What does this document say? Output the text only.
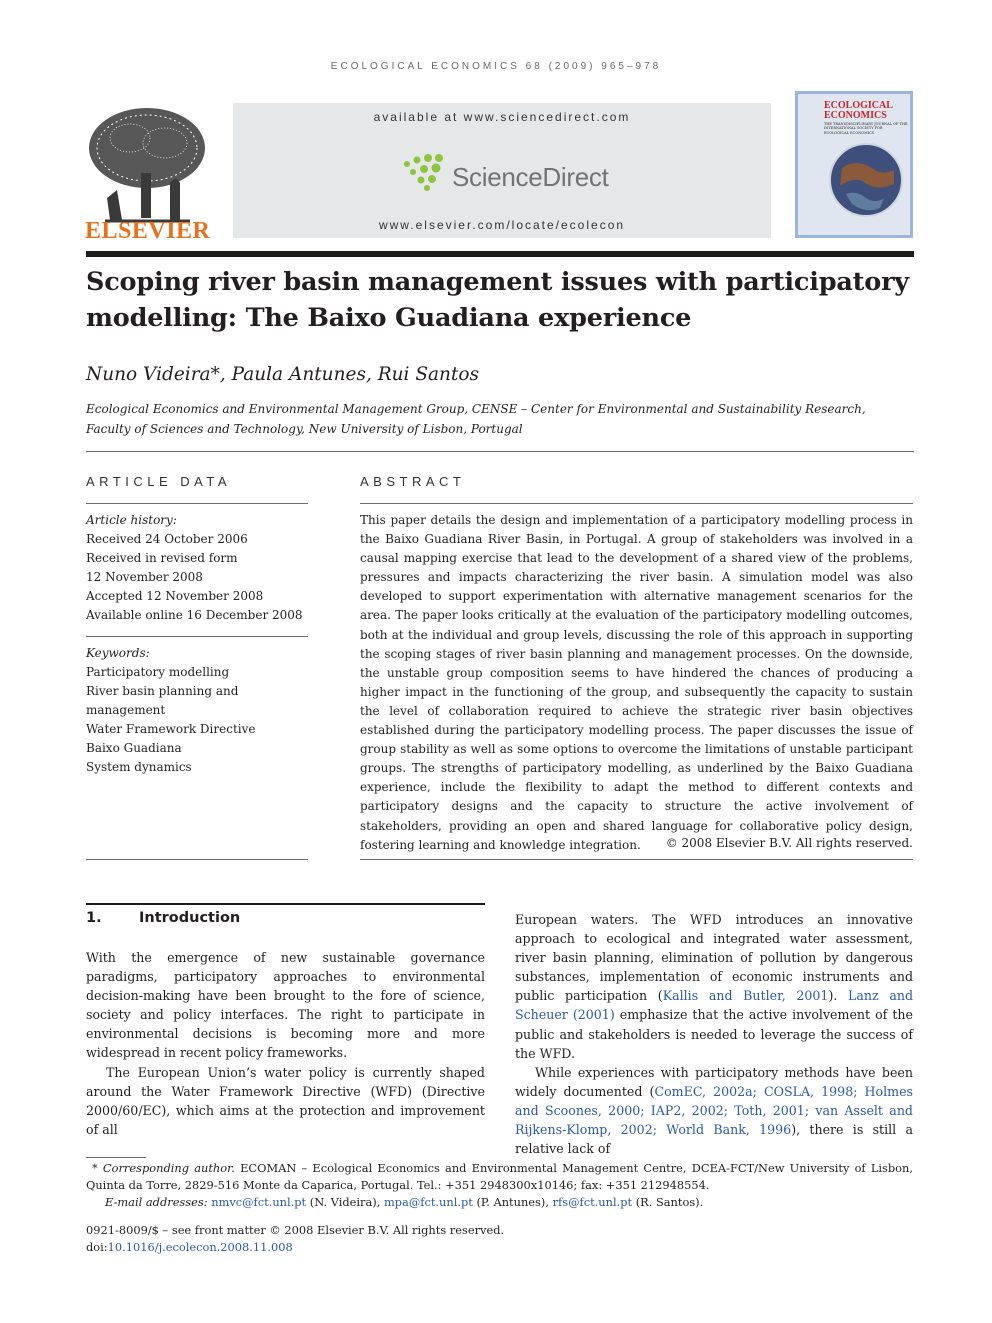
ECOLOGICAL ECONOMICS 68 (2009) 965–978
ELSEVIER
available at www.sciencedirect.com
ScienceDirect
www.elsevier.com/locate/ecolecon
ECOLOGICAL ECONOMICS
THE TRANSDISCIPLINARY JOURNAL OF THE INTERNATIONAL SOCIETY FOR ECOLOGICAL ECONOMICS
Scoping river basin management issues with participatory
modelling: The Baixo Guadiana experience
Nuno Videira*, Paula Antunes, Rui Santos
Ecological Economics and Environmental Management Group, CENSE – Center for Environmental and Sustainability Research,
Faculty of Sciences and Technology, New University of Lisbon, Portugal
ARTICLE DATA
Article history:
Received 24 October 2006
Received in revised form
12 November 2008
Accepted 12 November 2008
Available online 16 December 2008
Keywords:
Participatory modelling
River basin planning and
management
Water Framework Directive
Baixo Guadiana
System dynamics
ABSTRACT
This paper details the design and implementation of a participatory modelling process in the Baixo Guadiana River Basin, in Portugal. A group of stakeholders was involved in a causal mapping exercise that lead to the development of a shared view of the problems, pressures and impacts characterizing the river basin. A simulation model was also developed to support experimentation with alternative management scenarios for the area. The paper looks critically at the evaluation of the participatory modelling outcomes, both at the individual and group levels, discussing the role of this approach in supporting the scoping stages of river basin planning and management processes. On the downside, the unstable group composition seems to have hindered the chances of producing a higher impact in the functioning of the group, and subsequently the capacity to sustain the level of collaboration required to achieve the strategic river basin objectives established during the participatory modelling process. The paper discusses the issue of group stability as well as some options to overcome the limitations of unstable participant groups. The strengths of participatory modelling, as underlined by the Baixo Guadiana experience, include the flexibility to adapt the method to different contexts and participatory designs and the capacity to structure the active involvement of stakeholders, providing an open and shared language for collaborative policy design, fostering learning and knowledge integration.	© 2008 Elsevier B.V. All rights reserved.
1.	Introduction

With the emergence of new sustainable governance paradigms, participatory approaches to environmental decision-making have been brought to the fore of science, society and policy interfaces. The right to participate in environmental decisions is becoming more and more widespread in recent policy frameworks.

The European Union’s water policy is currently shaped around the Water Framework Directive (WFD) (Directive 2000/60/EC), which aims at the protection and improvement of all

European waters. The WFD introduces an innovative approach to ecological and integrated water assessment, river basin planning, elimination of pollution by dangerous substances, implementation of economic instruments and public participation (Kallis and Butler, 2001). Lanz and Scheuer (2001) emphasize that the active involvement of the public and stakeholders is needed to leverage the success of the WFD.

While experiences with participatory methods have been widely documented (ComEC, 2002a; COSLA, 1998; Holmes and Scoones, 2000; IAP2, 2002; Toth, 2001; van Asselt and Rijkens-Klomp, 2002; World Bank, 1996), there is still a relative lack of

* Corresponding author. ECOMAN – Ecological Economics and Environmental Management Centre, DCEA-FCT/New University of Lisbon, Quinta da Torre, 2829-516 Monte da Caparica, Portugal. Tel.: +351 2948300x10146; fax: +351 212948554.
E-mail addresses: nmvc@fct.unl.pt (N. Videira), mpa@fct.unl.pt (P. Antunes), rfs@fct.unl.pt (R. Santos).
0921-8009/$ – see front matter © 2008 Elsevier B.V. All rights reserved.
doi:10.1016/j.ecolecon.2008.11.008
